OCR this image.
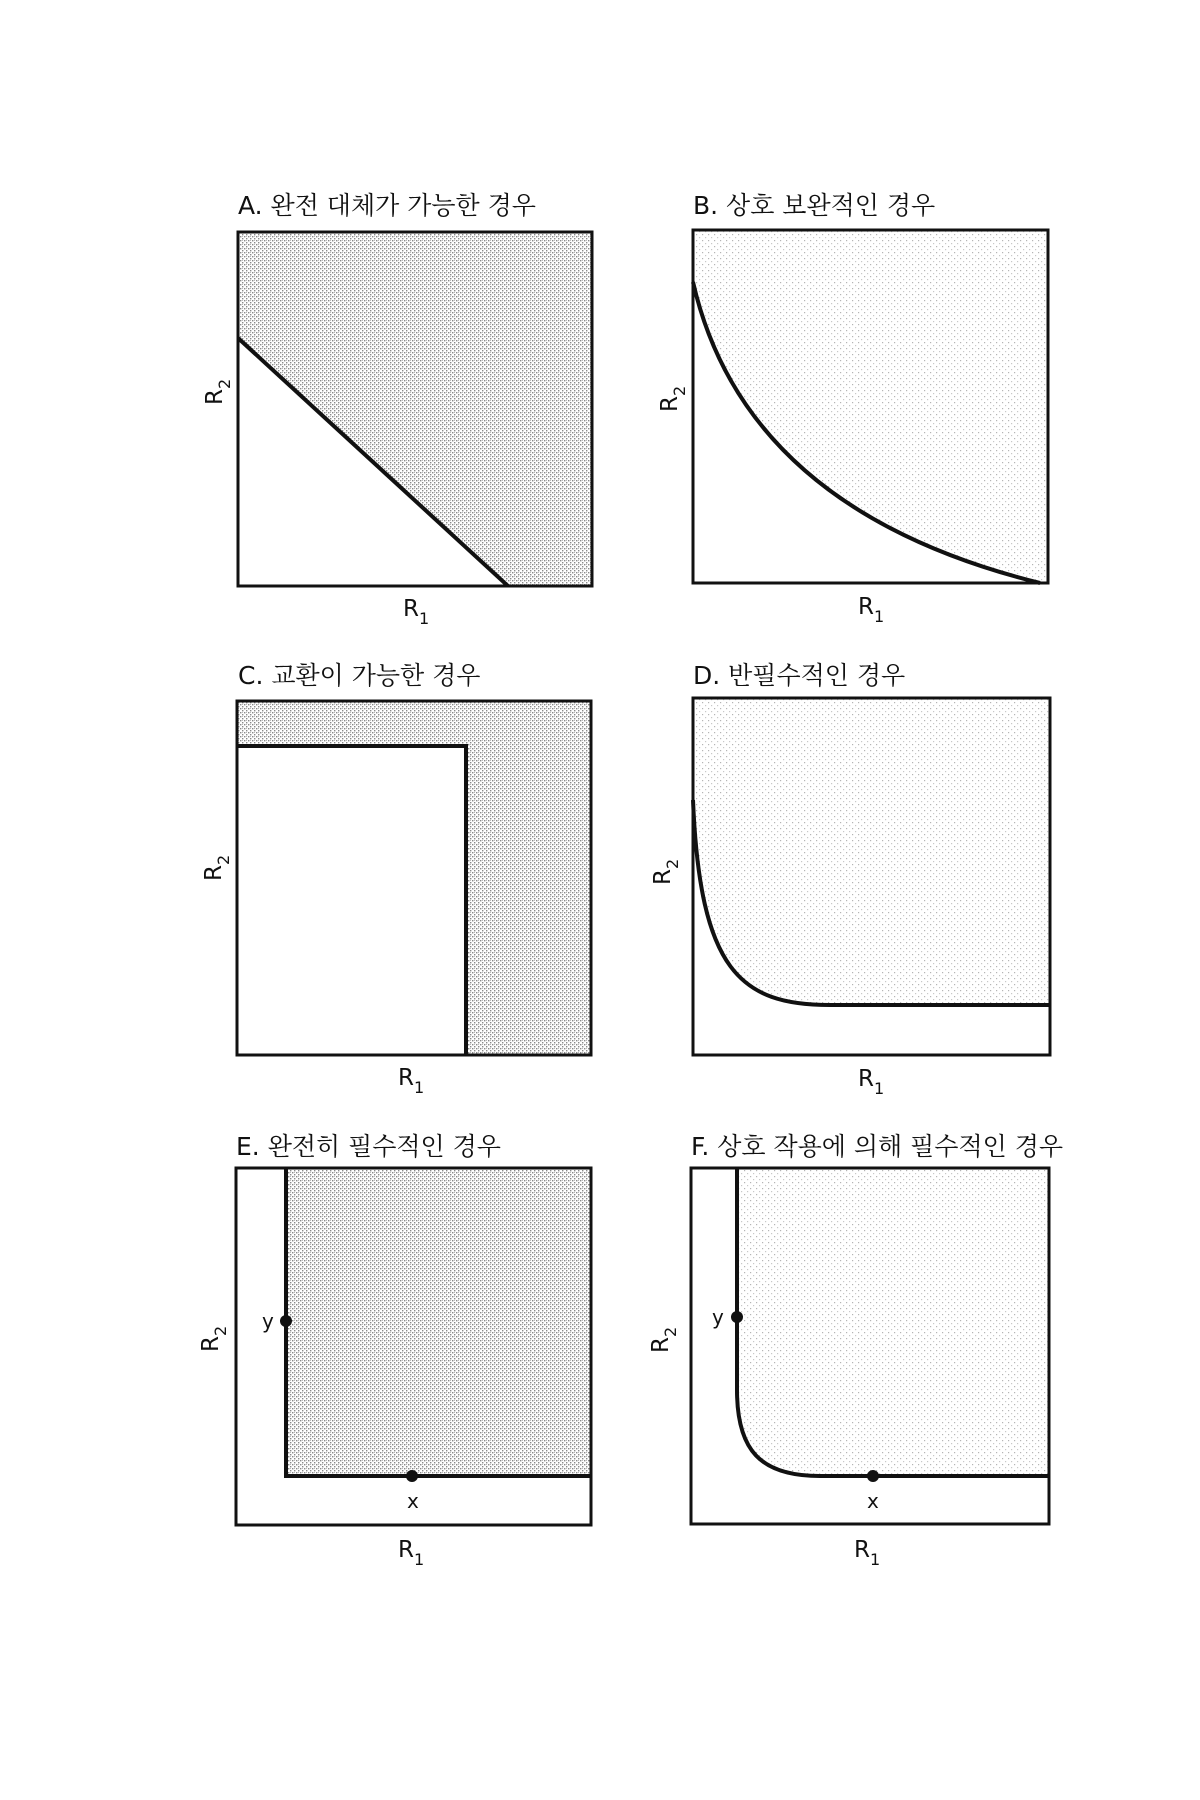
A. 완전 대체가 가능한 경우
$R_1$
$R_2$
B. 상호 보완적인 경우
$R_1$
$R_2$
C. 교환이 가능한 경우
$R_1$
$R_2$
D. 반필수적인 경우
$R_1$
$R_2$
E. 완전히 필수적인 경우
y
x
$R_1$
$R_2$
F. 상호 작용에 의해 필수적인 경우
y
x
$R_1$
$R_2$
